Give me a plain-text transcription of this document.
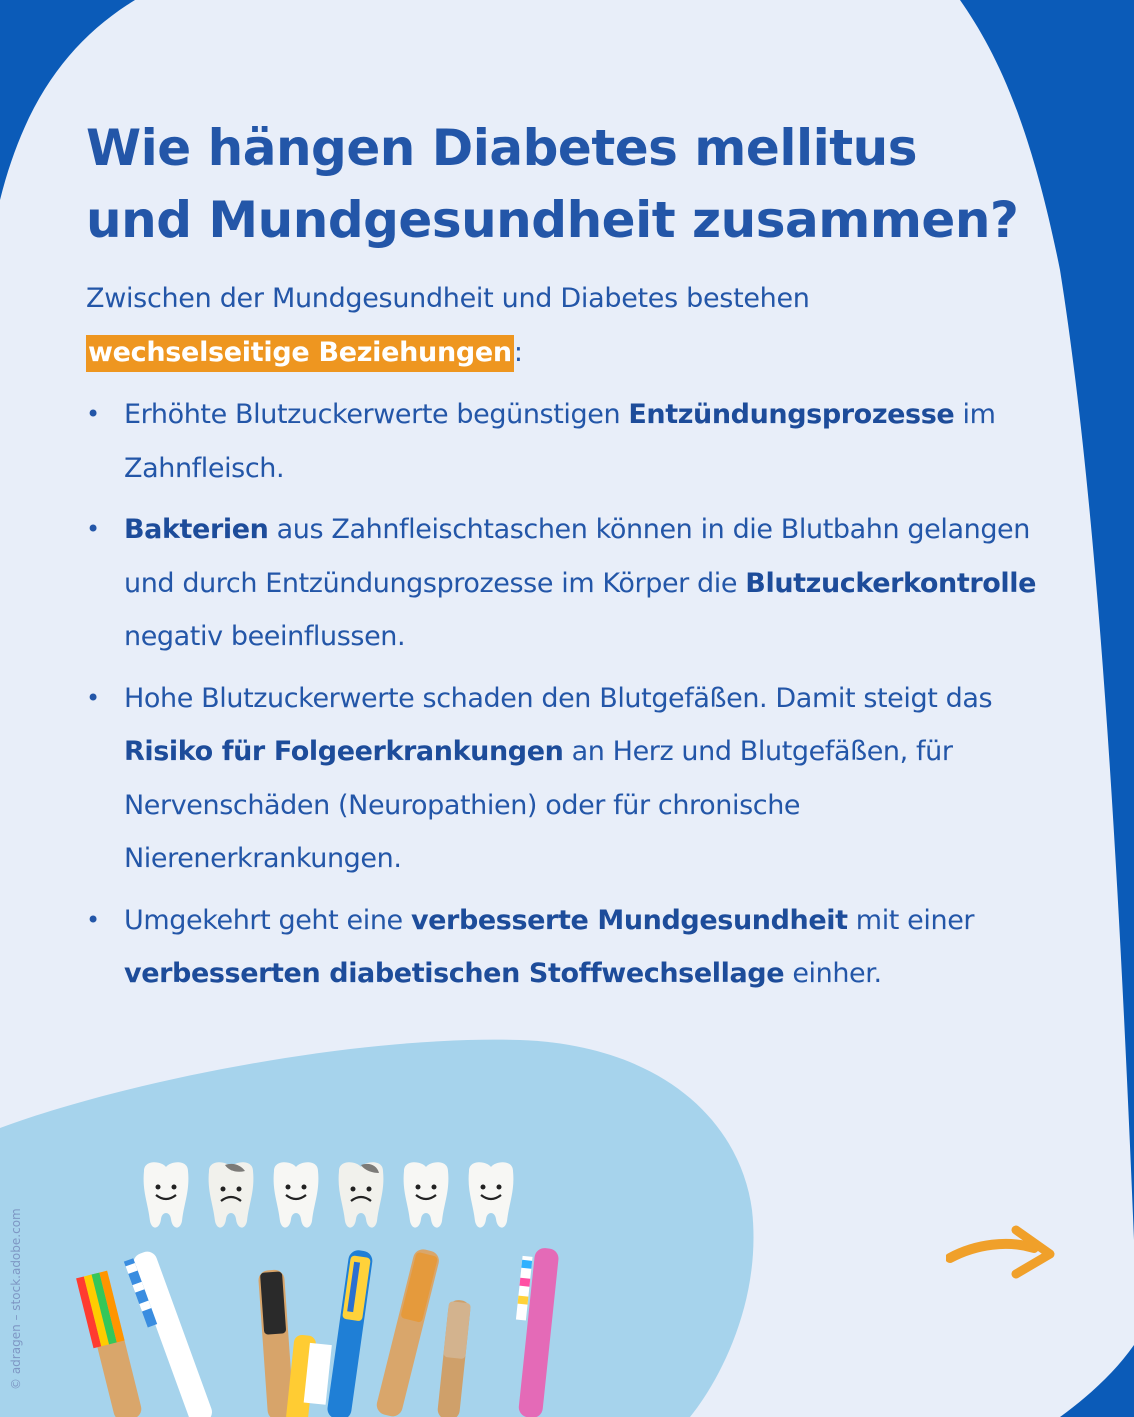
Wie hängen Diabetes mellitus
und Mundgesundheit zusammen?

Zwischen der Mundgesundheit und Diabetes bestehen

wechselseitige Beziehungen:

• Erhöhte Blutzuckerwerte begünstigen Entzündungsprozesse im Zahnfleisch.
• Bakterien aus Zahnfleischtaschen können in die Blutbahn gelangen und durch Entzündungsprozesse im Körper die Blutzuckerkontrolle negativ beeinflussen.
• Hohe Blutzuckerwerte schaden den Blutgefäßen. Damit steigt das Risiko für Folgeerkrankungen an Herz und Blutgefäßen, für Nervenschäden (Neuropathien) oder für chronische Nierenerkrankungen.
• Umgekehrt geht eine verbesserte Mundgesundheit mit einer verbesserten diabetischen Stoffwechsellage einher.
© adragen – stock.adobe.com
